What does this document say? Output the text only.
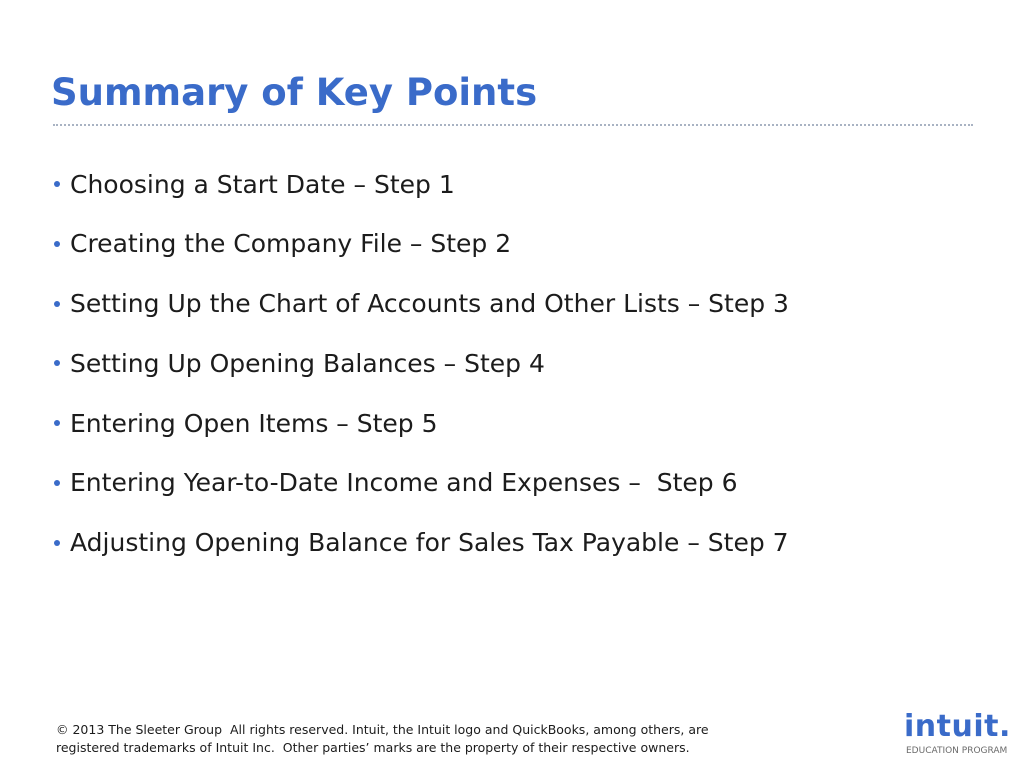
Summary of Key Points
Choosing a Start Date – Step 1
Creating the Company File – Step 2
Setting Up the Chart of Accounts and Other Lists – Step 3
Setting Up Opening Balances – Step 4
Entering Open Items – Step 5
Entering Year-to-Date Income and Expenses –  Step 6
Adjusting Opening Balance for Sales Tax Payable – Step 7
© 2013 The Sleeter Group  All rights reserved. Intuit, the Intuit logo and QuickBooks, among others, are
registered trademarks of Intuit Inc.  Other parties’ marks are the property of their respective owners.
intuit.
EDUCATION PROGRAM
